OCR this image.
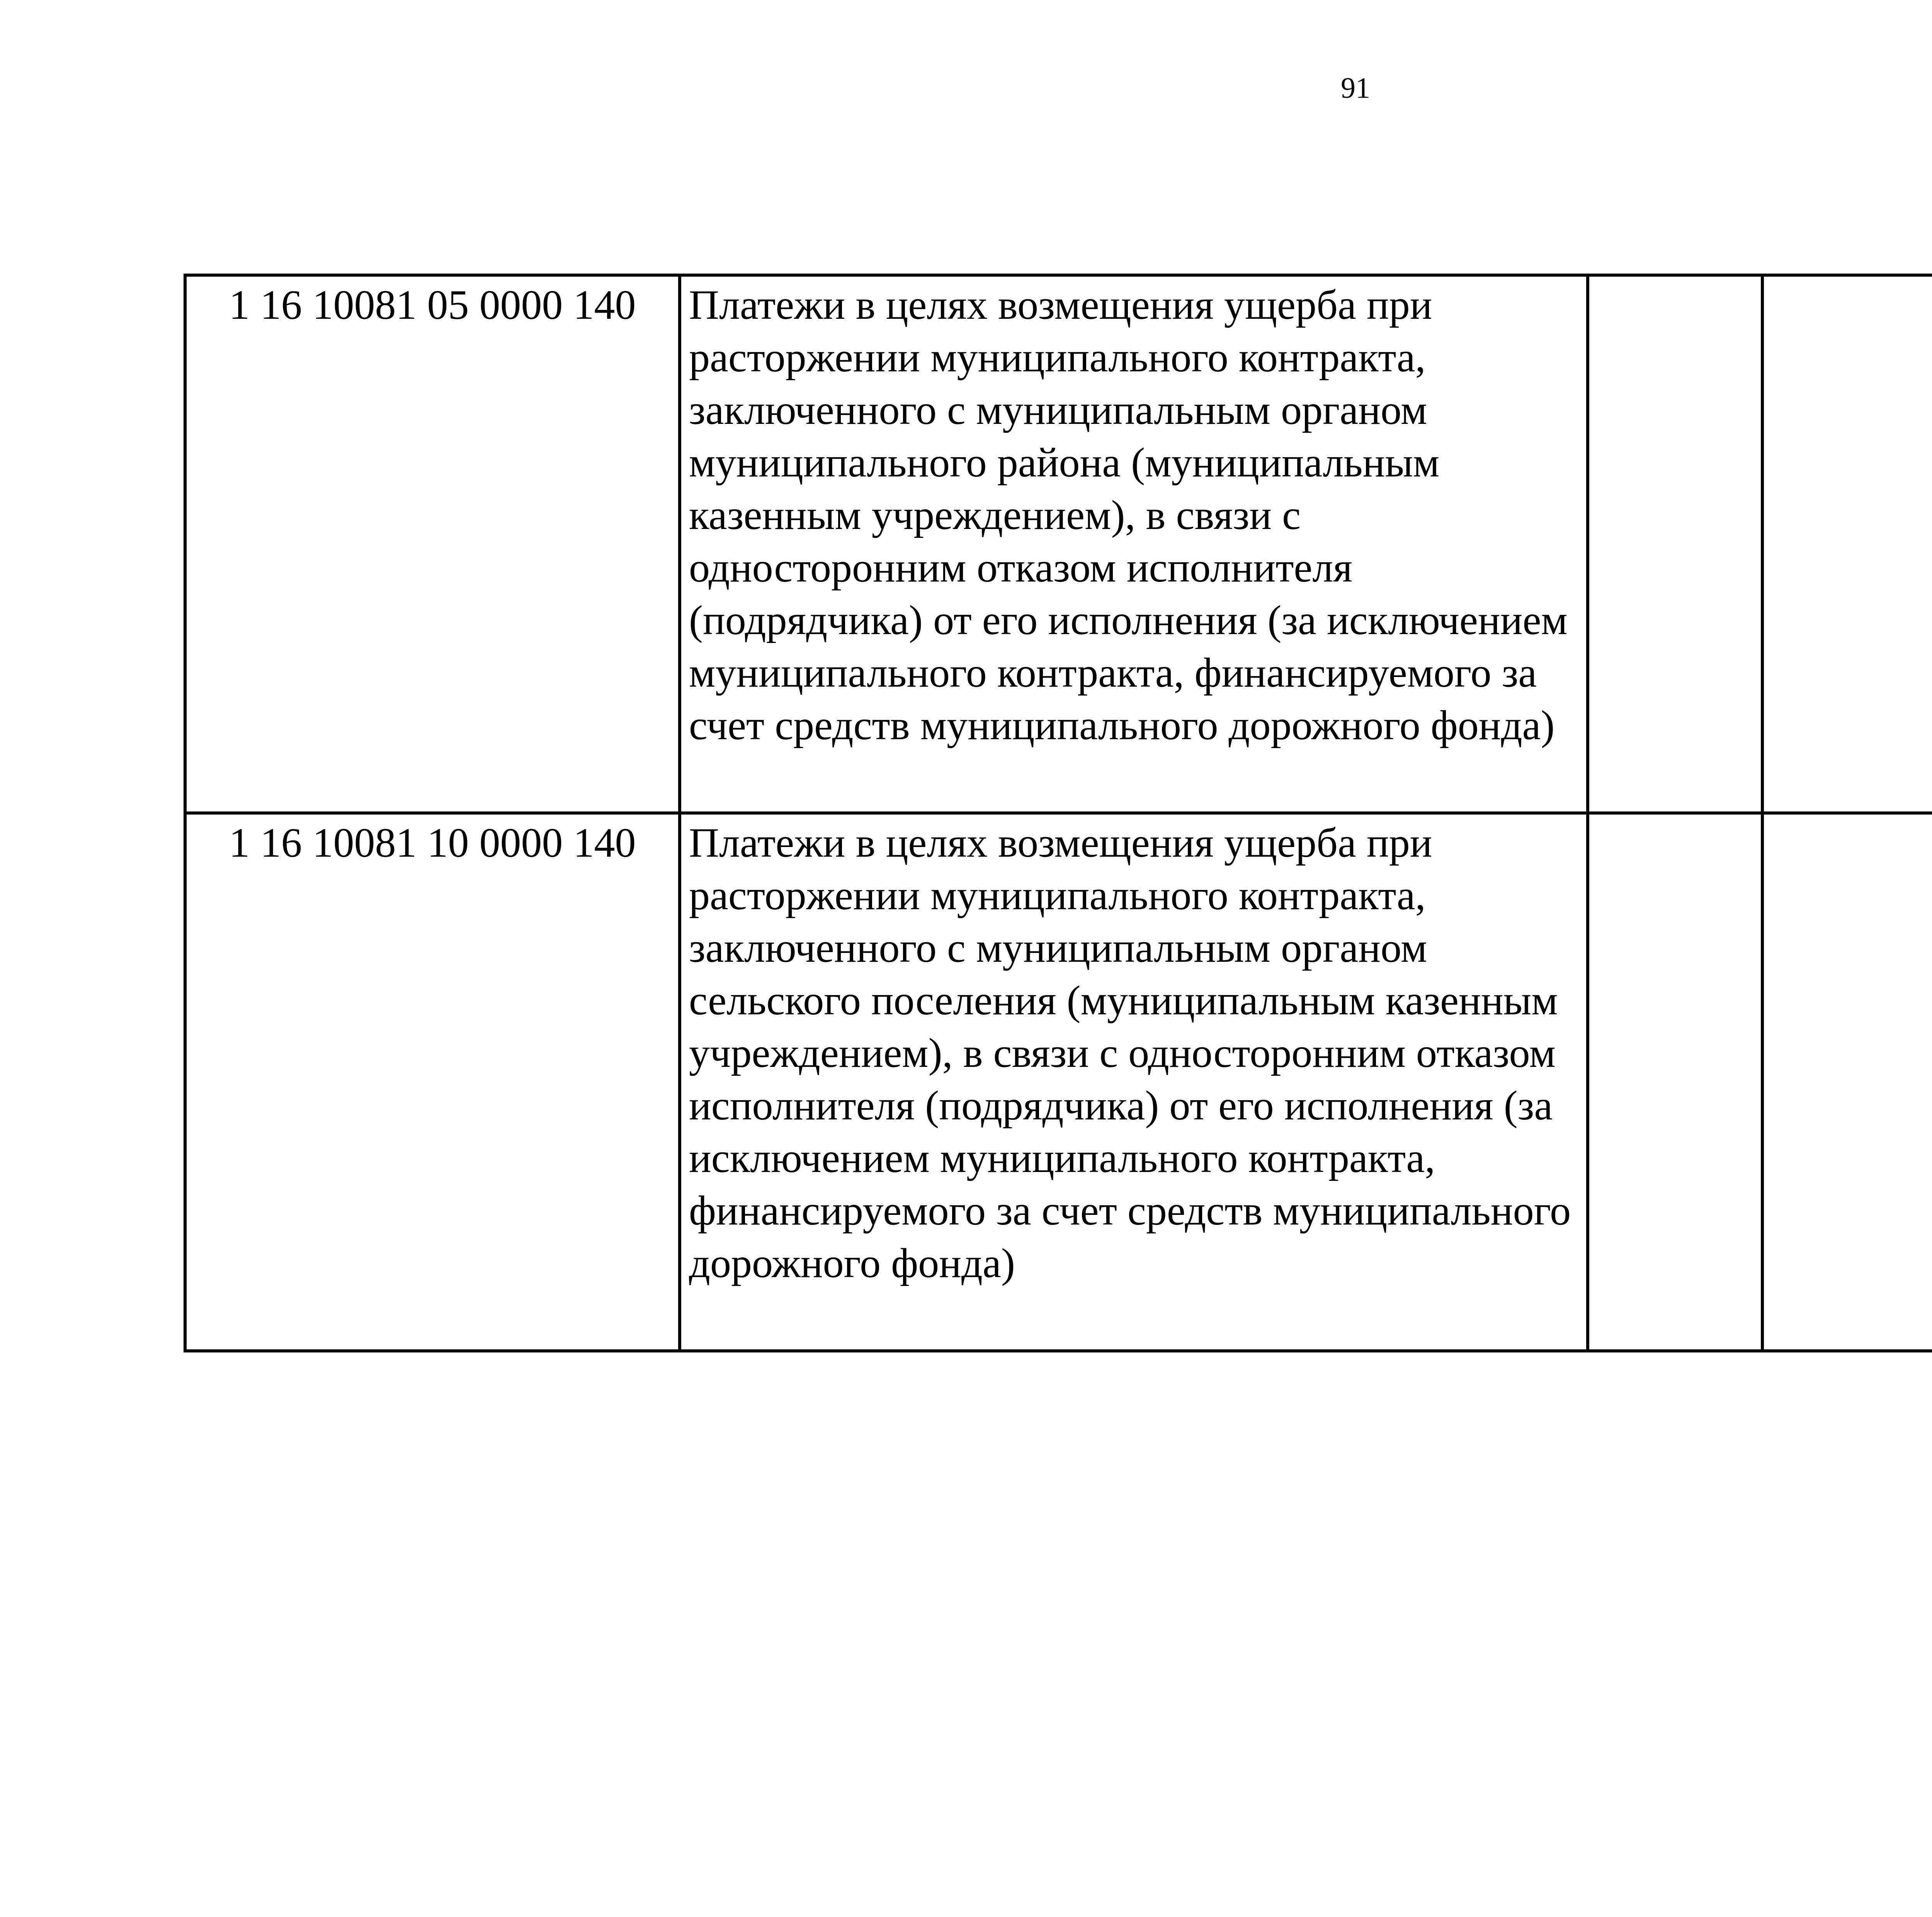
91
1 16 10081 05 0000 140	Платежи в целях возмещения ущерба при расторжении муниципального контракта, заключенного с муниципальным органом муниципального района (муниципальным казенным учреждением), в связи с односторонним отказом исполнителя (подрядчика) от его исполнения (за исключением муниципального контракта, финансируемого за счет средств муниципального дорожного фонда)					
1 16 10081 10 0000 140	Платежи в целях возмещения ущерба при расторжении муниципального контракта, заключенного с муниципальным органом сельского поселения (муниципальным казенным учреждением), в связи с односторонним отказом исполнителя (подрядчика) от его исполнения (за исключением муниципального контракта, финансируемого за счет средств муниципального дорожного фонда)					
